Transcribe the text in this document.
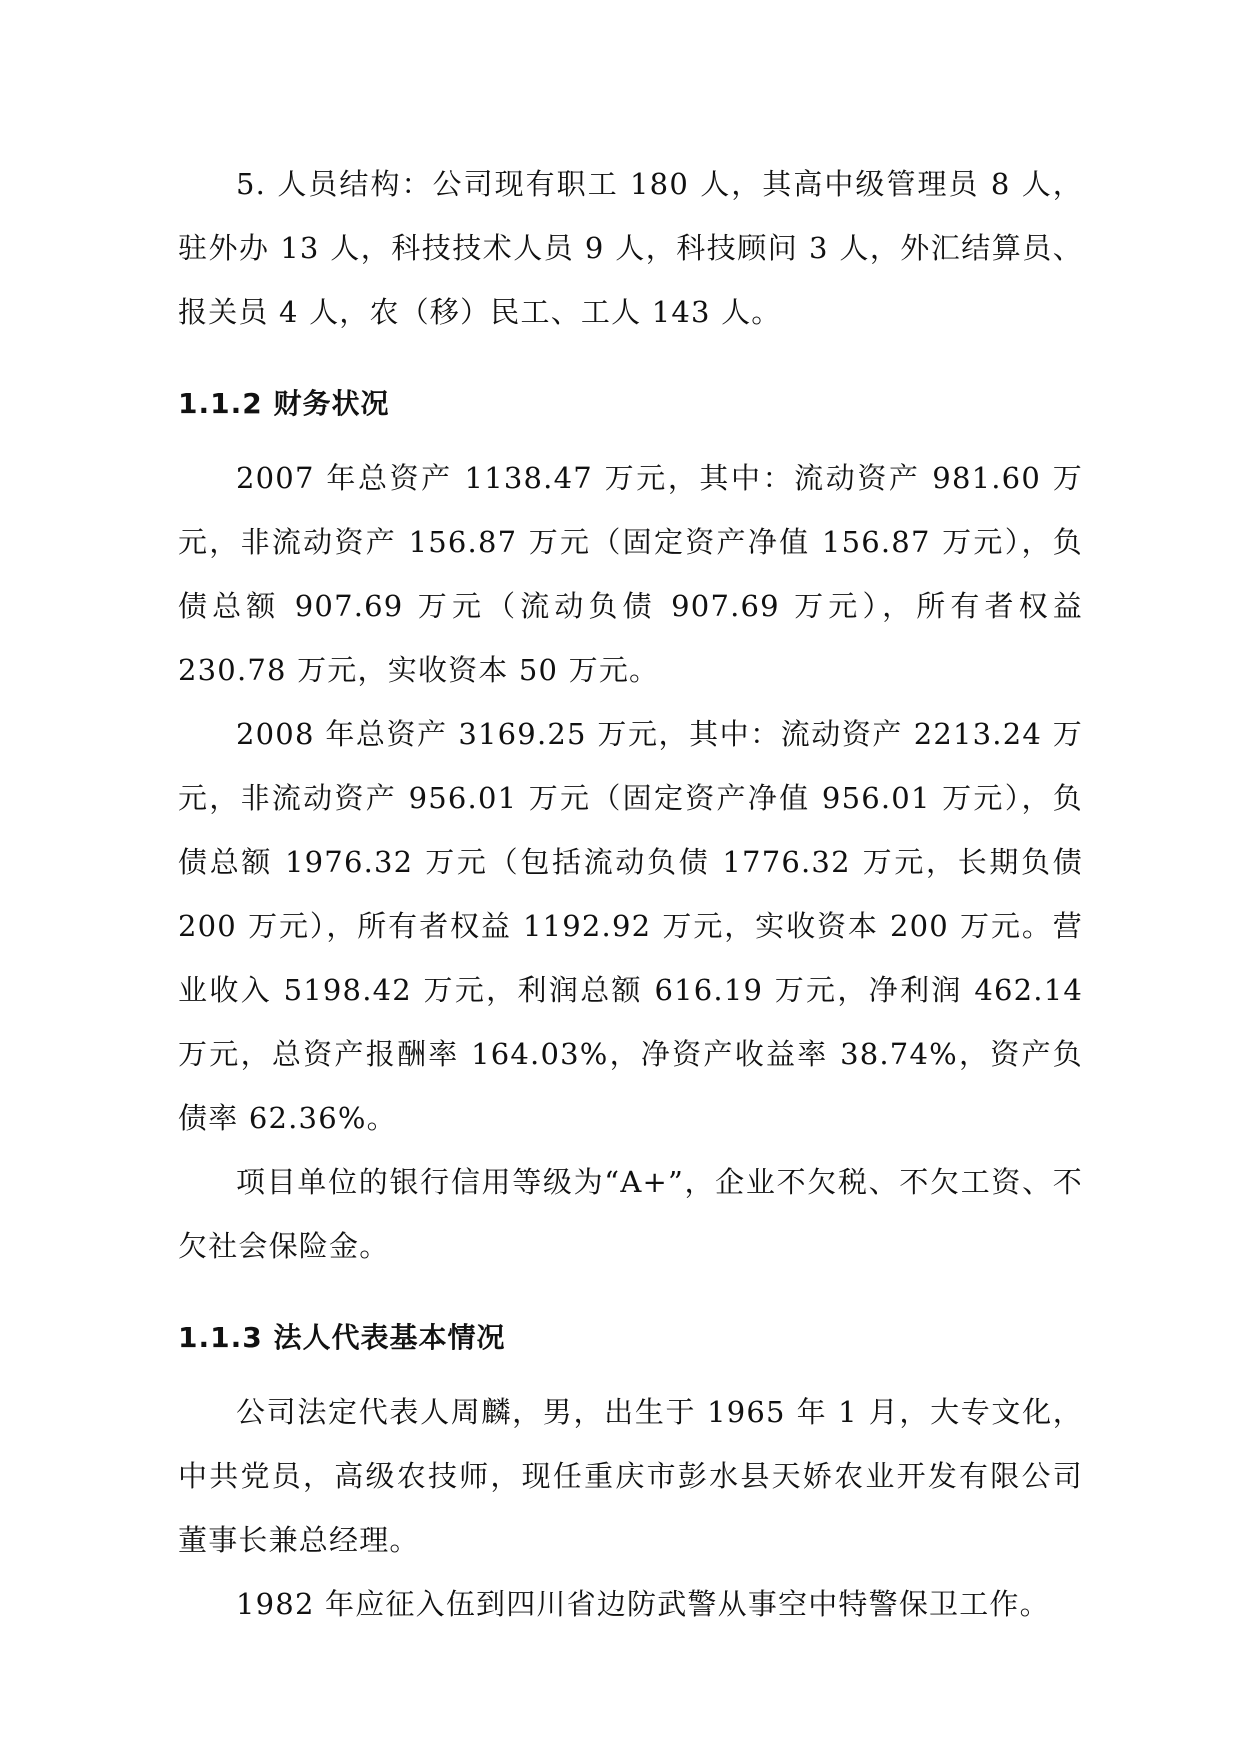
5. 人员结构：公司现有职工 180 人，其高中级管理员 8 人，驻外办 13 人，科技技术人员 9 人，科技顾问 3 人，外汇结算员、报关员 4 人，农（移）民工、工人 143 人。

1.1.2 财务状况

2007 年总资产 1138.47 万元，其中：流动资产 981.60 万元，非流动资产 156.87 万元（固定资产净值 156.87 万元），负债总额 907.69 万元（流动负债 907.69 万元），所有者权益 230.78 万元，实收资本 50 万元。

2008 年总资产 3169.25 万元，其中：流动资产 2213.24 万元，非流动资产 956.01 万元（固定资产净值 956.01 万元），负债总额 1976.32 万元（包括流动负债 1776.32 万元，长期负债 200 万元），所有者权益 1192.92 万元，实收资本 200 万元。营业收入 5198.42 万元，利润总额 616.19 万元，净利润 462.14 万元，总资产报酬率 164.03%，净资产收益率 38.74%，资产负债率 62.36%。

项目单位的银行信用等级为“A+”，企业不欠税、不欠工资、不欠社会保险金。

1.1.3 法人代表基本情况

公司法定代表人周麟，男，出生于 1965 年 1 月，大专文化，中共党员，高级农技师，现任重庆市彭水县天娇农业开发有限公司董事长兼总经理。

1982 年应征入伍到四川省边防武警从事空中特警保卫工作。
